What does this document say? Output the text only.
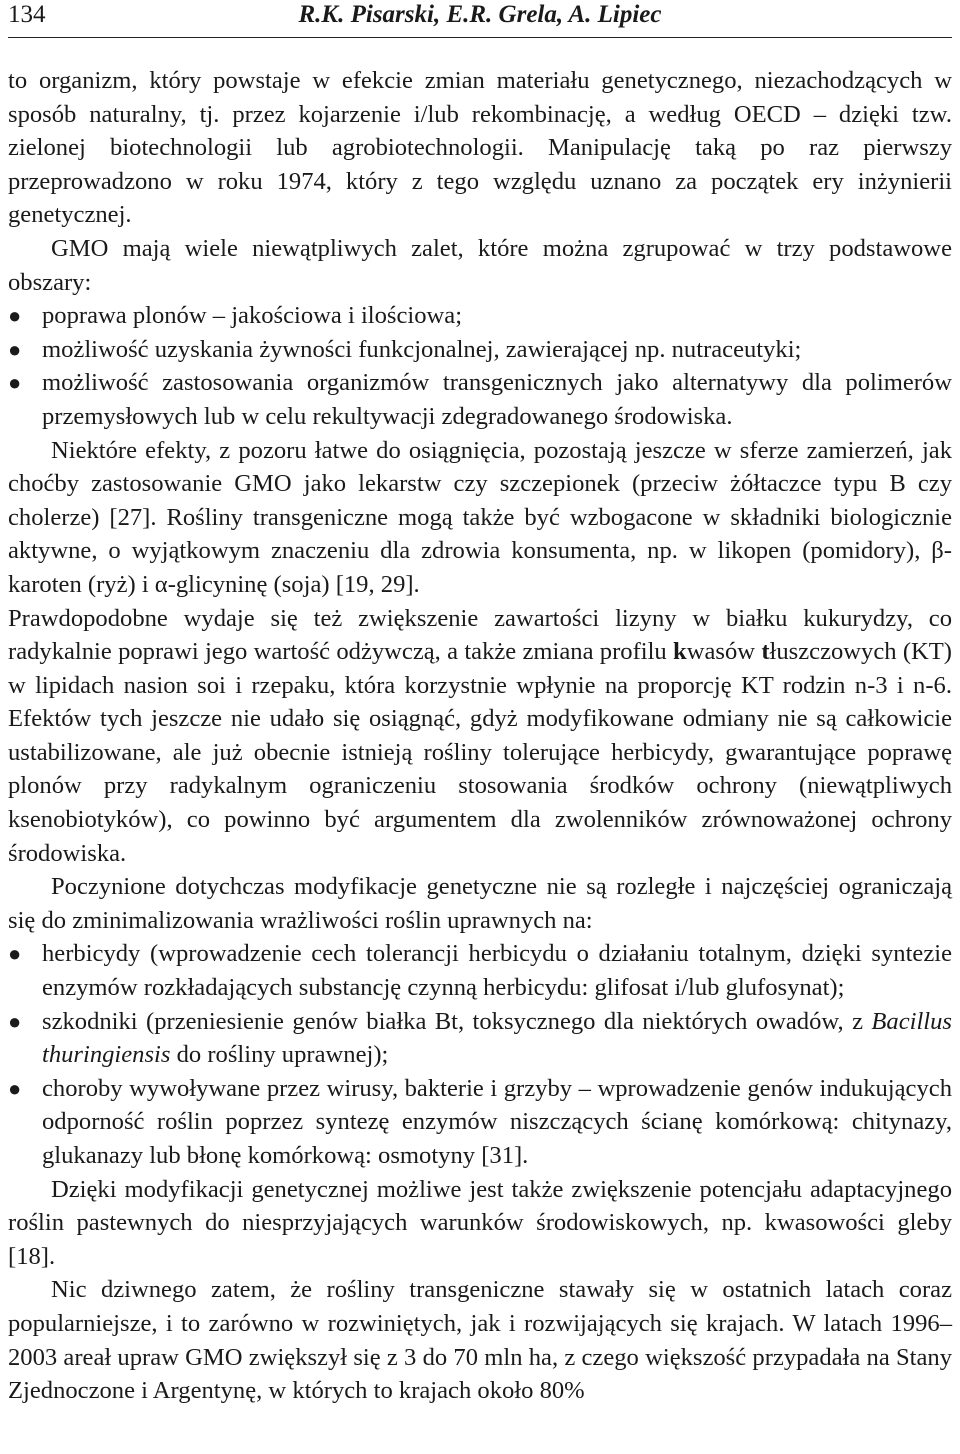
134	R.K. Pisarski, E.R. Grela, A. Lipiec

to organizm, który powstaje w efekcie zmian materiału genetycznego, niezachodzących w sposób naturalny, tj. przez kojarzenie i/lub rekombinację, a według OECD – dzięki tzw. zielonej biotechnologii lub agrobiotechnologii. Manipulację taką po raz pierwszy przeprowadzono w roku 1974, który z tego względu uznano za początek ery inżynierii genetycznej.

GMO mają wiele niewątpliwych zalet, które można zgrupować w trzy podstawowe obszary:

● poprawa plonów – jakościowa i ilościowa;
● możliwość uzyskania żywności funkcjonalnej, zawierającej np. nutraceutyki;
● możliwość zastosowania organizmów transgenicznych jako alternatywy dla polimerów przemysłowych lub w celu rekultywacji zdegradowanego środowiska.

Niektóre efekty, z pozoru łatwe do osiągnięcia, pozostają jeszcze w sferze zamierzeń, jak choćby zastosowanie GMO jako lekarstw czy szczepionek (przeciw żółtaczce typu B czy cholerze) [27]. Rośliny transgeniczne mogą także być wzbogacone w składniki biologicznie aktywne, o wyjątkowym znaczeniu dla zdrowia konsumenta, np. w likopen (pomidory), β-karoten (ryż) i α-glicyninę (soja) [19, 29].
Prawdopodobne wydaje się też zwiększenie zawartości lizyny w białku kukurydzy, co radykalnie poprawi jego wartość odżywczą, a także zmiana profilu kwasów tłuszczowych (KT) w lipidach nasion soi i rzepaku, która korzystnie wpłynie na proporcję KT rodzin n-3 i n-6. Efektów tych jeszcze nie udało się osiągnąć, gdyż modyfikowane odmiany nie są całkowicie ustabilizowane, ale już obecnie istnieją rośliny tolerujące herbicydy, gwarantujące poprawę plonów przy radykalnym ograniczeniu stosowania środków ochrony (niewątpliwych ksenobiotyków), co powinno być argumentem dla zwolenników zrównoważonej ochrony środowiska.

Poczynione dotychczas modyfikacje genetyczne nie są rozległe i najczęściej ograniczają się do zminimalizowania wrażliwości roślin uprawnych na:

● herbicydy (wprowadzenie cech tolerancji herbicydu o działaniu totalnym, dzięki syntezie enzymów rozkładających substancję czynną herbicydu: glifosat i/lub glufosynat);
● szkodniki (przeniesienie genów białka Bt, toksycznego dla niektórych owadów, z Bacillus thuringiensis do rośliny uprawnej);
● choroby wywoływane przez wirusy, bakterie i grzyby – wprowadzenie genów indukujących odporność roślin poprzez syntezę enzymów niszczących ścianę komórkową: chitynazy, glukanazy lub błonę komórkową: osmotyny [31].

Dzięki modyfikacji genetycznej możliwe jest także zwiększenie potencjału adaptacyjnego roślin pastewnych do niesprzyjających warunków środowiskowych, np. kwasowości gleby [18].

Nic dziwnego zatem, że rośliny transgeniczne stawały się w ostatnich latach coraz popularniejsze, i to zarówno w rozwiniętych, jak i rozwijających się krajach. W latach 1996–2003 areał upraw GMO zwiększył się z 3 do 70 mln ha, z czego większość przypadała na Stany Zjednoczone i Argentynę, w których to krajach około 80%
